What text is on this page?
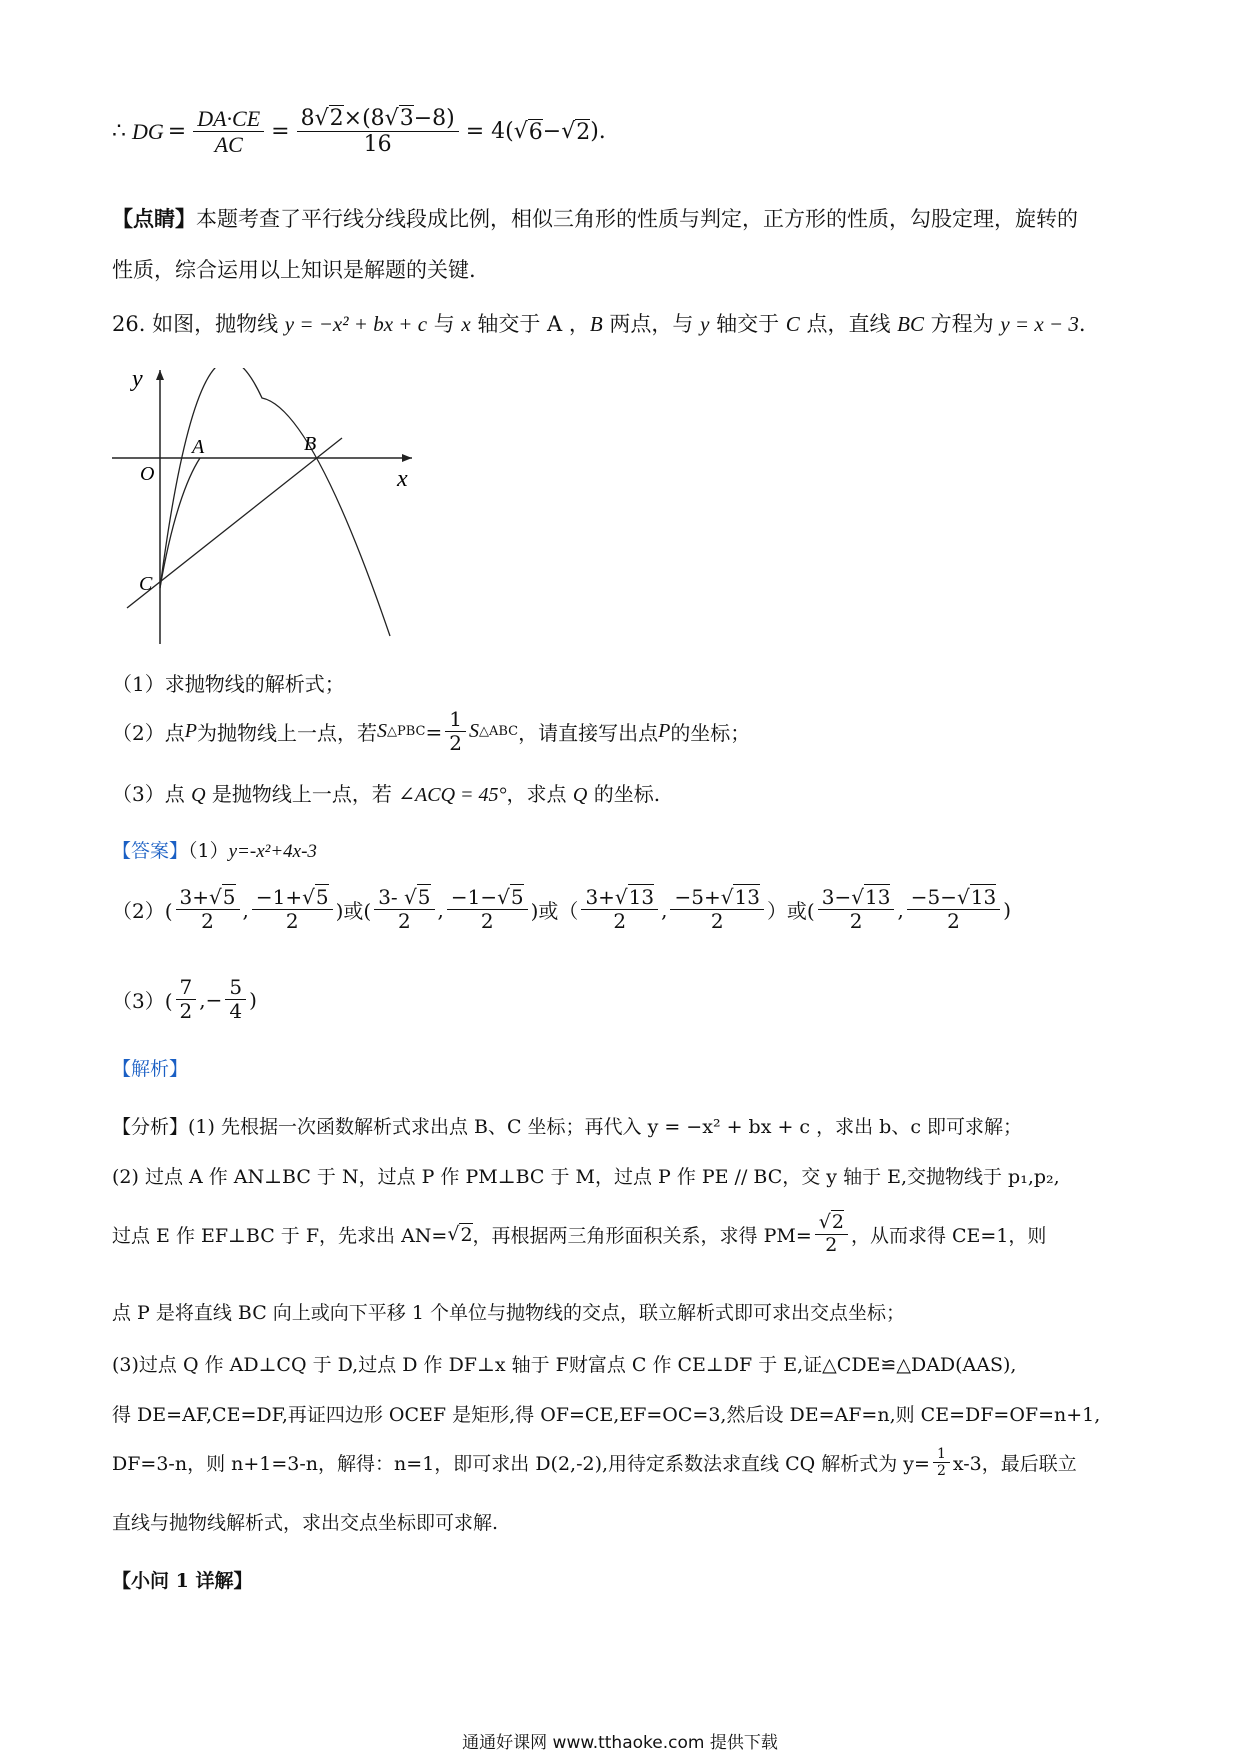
∴ DG = $\frac{DA\cdot CE}{AC} = \frac{8√2\times(8√3-8)}{16} = 4$( √ 6 − √ 2 ).
【点睛】本题考查了平行线分线段成比例，相似三角形的性质与判定，正方形的性质，勾股定理，旋转的
性质，综合运用以上知识是解题的关键.
26. 如图，抛物线 y = −x² + bx + c 与 x 轴交于 A ，B 两点，与 y 轴交于 C 点，直线 BC 方程为 y = x − 3.
y
x
O
A	B
C
（1）求抛物线的解析式；
（2）点 P 为抛物线上一点，若 S △PBC = $\frac{1}{2}$ S △ABC ，请直接写出点 P 的坐标；
（3）点 Q 是抛物线上一点，若 ∠ACQ = 45°，求点 Q 的坐标.
【答案】（1）y=-x²+4x-3
$(2)( \frac{3+√5}{2}$ , $\frac{-1+√5}{2}$ )或( $\frac{3- √5}{2}$ , $\frac{-1-√5}{2}$ )或（ $\frac{3+√13}{2}$ , $\frac{-5+√13}{2}$ ）或( $\frac{3-√13}{2}$ , $\frac{-5-√13}{2}$ )
$(3)( \frac{7}{2}$ ,− $\frac{5}{4}$ )
【解析】
【分析】(1) 先根据一次函数解析式求出点 B、C 坐标；再代入 y = −x² + bx + c ，求出 b、c 即可求解；
(2) 过点 A 作 AN⊥BC 于 N，过点 P 作 PM⊥BC 于 M，过点 P 作 PE // BC，交 y 轴于 E,交抛物线于 p₁,p₂,
过点 E 作 EF⊥BC 于 F，先求出 AN= √ 2 ，再根据两三角形面积关系，求得 $PM= \frac{√2}{2}$ ，从而求得 CE=1，则
点 P 是将直线 BC 向上或向下平移 1 个单位与抛物线的交点，联立解析式即可求出交点坐标；
(3)过点 Q 作 AD⊥CQ 于 D,过点 D 作 DF⊥x 轴于 F财富点 C 作 CE⊥DF 于 E,证△CDE≌△DAD(AAS),
得 DE=AF,CE=DF,再证四边形 OCEF 是矩形,得 OF=CE,EF=OC=3,然后设 DE=AF=n,则 CE=DF=OF=n+1,
DF=3-n，则 n+1=3-n，解得：n=1，即可求出 D(2,-2),用待定系数法求直线 CQ 解析式为 $y= \frac{1}{2} x-3$，最后联立
直线与抛物线解析式，求出交点坐标即可求解.
【小问 1 详解】
通通好课网 www.tthaoke.com 提供下载
